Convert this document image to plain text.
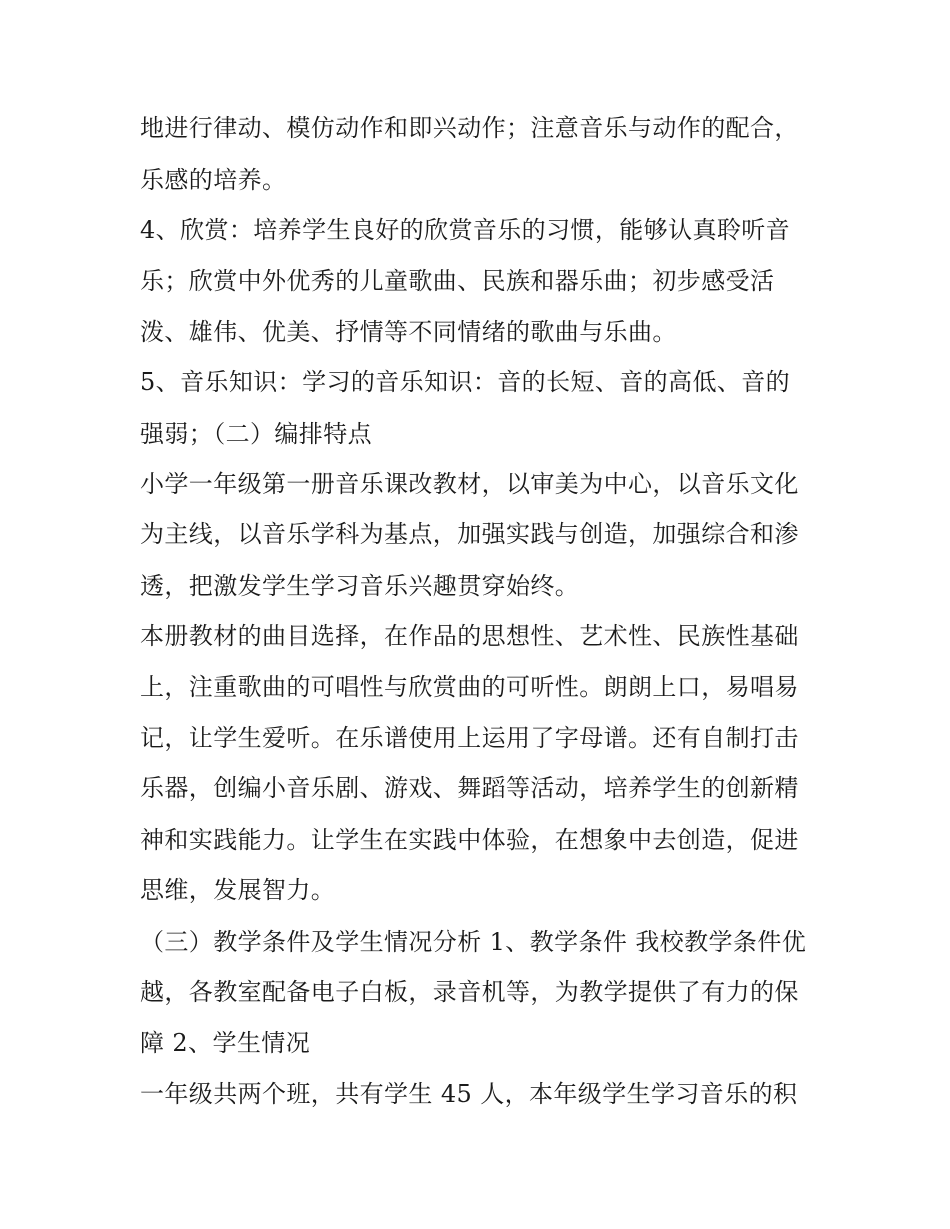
地进行律动、模仿动作和即兴动作；注意音乐与动作的配合，
乐感的培养。
4、欣赏：培养学生良好的欣赏音乐的习惯，能够认真聆听音
乐；欣赏中外优秀的儿童歌曲、民族和器乐曲；初步感受活
泼、雄伟、优美、抒情等不同情绪的歌曲与乐曲。
5、音乐知识：学习的音乐知识：音的长短、音的高低、音的
强弱；（二）编排特点
小学一年级第一册音乐课改教材，以审美为中心，以音乐文化
为主线，以音乐学科为基点，加强实践与创造，加强综合和渗
透，把激发学生学习音乐兴趣贯穿始终。
本册教材的曲目选择，在作品的思想性、艺术性、民族性基础
上，注重歌曲的可唱性与欣赏曲的可听性。朗朗上口，易唱易
记，让学生爱听。在乐谱使用上运用了字母谱。还有自制打击
乐器，创编小音乐剧、游戏、舞蹈等活动，培养学生的创新精
神和实践能力。让学生在实践中体验，在想象中去创造，促进
思维，发展智力。
（三）教学条件及学生情况分析 1、教学条件 我校教学条件优
越，各教室配备电子白板，录音机等，为教学提供了有力的保
障 2、学生情况
一年级共两个班，共有学生 45 人，本年级学生学习音乐的积
